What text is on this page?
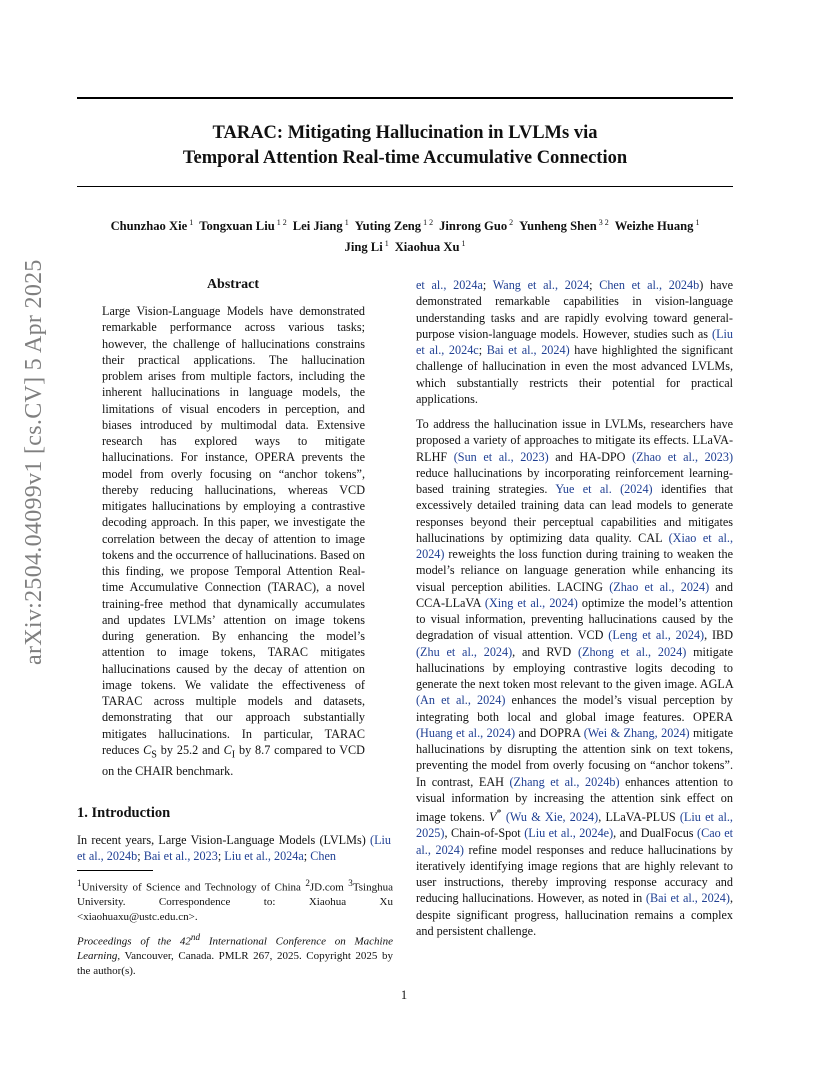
TARAC: Mitigating Hallucination in LVLMs via
Temporal Attention Real-time Accumulative Connection
Chunzhao Xie $^1$ Tongxuan Liu $^{1 2}$ Lei Jiang $^1$ Yuting Zeng $^{1 2}$ Jinrong Guo $^2$ Yunheng Shen $^{3 2}$ Weizhe Huang $^1$
Jing Li $^1$ Xiaohua Xu $^1$
arXiv:2504.04099v1 [cs.CV] 5 Apr 2025	Abstract

Large Vision-Language Models have demonstrated remarkable performance across various tasks; however, the challenge of hallucinations constrains their practical applications. The hallucination problem arises from multiple factors, including the inherent hallucinations in language models, the limitations of visual encoders in perception, and biases introduced by multimodal data. Extensive research has explored ways to mitigate hallucinations. For instance, OPERA prevents the model from overly focusing on “anchor tokens”, thereby reducing hallucinations, whereas VCD mitigates hallucinations by employing a contrastive decoding approach. In this paper, we investigate the correlation between the decay of attention to image tokens and the occurrence of hallucinations. Based on this finding, we propose Temporal Attention Real-time Accumulative Connection (TARAC), a novel training-free method that dynamically accumulates and updates LVLMs’ attention on image tokens during generation. By enhancing the model’s attention to image tokens, TARAC mitigates hallucinations caused by the decay of attention on image tokens. We validate the effectiveness of TARAC across multiple models and datasets, demonstrating that our approach substantially mitigates hallucinations. In particular, TARAC reduces $C_S$ by 25.2 and $C_I$ by 8.7 compared to VCD on the CHAIR benchmark.

1. Introduction

In recent years, Large Vision-Language Models (LVLMs) (Liu et al., 2024b; Bai et al., 2023; Liu et al., 2024a; Chen

et al., 2024a; Wang et al., 2024; Chen et al., 2024b) have demonstrated remarkable capabilities in vision-language understanding tasks and are rapidly evolving toward general-purpose vision-language models. However, studies such as (Liu et al., 2024c; Bai et al., 2024) have highlighted the significant challenge of hallucination in even the most advanced LVLMs, which substantially restricts their potential for practical applications.

To address the hallucination issue in LVLMs, researchers have proposed a variety of approaches to mitigate its effects. LLaVA-RLHF (Sun et al., 2023) and HA-DPO (Zhao et al., 2023) reduce hallucinations by incorporating reinforcement learning-based training strategies. Yue et al. (2024) identifies that excessively detailed training data can lead models to generate responses beyond their perceptual capabilities and mitigates hallucinations by optimizing data quality. CAL (Xiao et al., 2024) reweights the loss function during training to weaken the model’s reliance on language generation while enhancing its visual perception abilities. LACING (Zhao et al., 2024) and CCA-LLaVA (Xing et al., 2024) optimize the model’s attention to visual information, preventing hallucinations caused by the degradation of visual attention. VCD (Leng et al., 2024), IBD (Zhu et al., 2024), and RVD (Zhong et al., 2024) mitigate hallucinations by employing contrastive logits decoding to generate the next token most relevant to the given image. AGLA (An et al., 2024) enhances the model’s visual perception by integrating both local and global image features. OPERA (Huang et al., 2024) and DOPRA (Wei & Zhang, 2024) mitigate hallucinations by disrupting the attention sink on text tokens, preventing the model from overly focusing on “anchor tokens”. In contrast, EAH (Zhang et al., 2024b) enhances attention to visual information by increasing the attention sink effect on image tokens. V* (Wu & Xie, 2024), LLaVA-PLUS (Liu et al., 2025), Chain-of-Spot (Liu et al., 2024e), and DualFocus (Cao et al., 2024) refine model responses and reduce hallucinations by iteratively identifying image regions that are highly relevant to user instructions, thereby improving response accuracy and reducing hallucinations. However, as noted in (Bai et al., 2024), despite significant progress, hallucination remains a complex and persistent challenge.

$^1$University of Science and Technology of China $^2$JD.com $^3$Tsinghua University. Correspondence to: Xiaohua Xu <xiaohuaxu@ustc.edu.cn>.

Proceedings of the 42nd International Conference on Machine Learning, Vancouver, Canada. PMLR 267, 2025. Copyright 2025 by the author(s).

1
